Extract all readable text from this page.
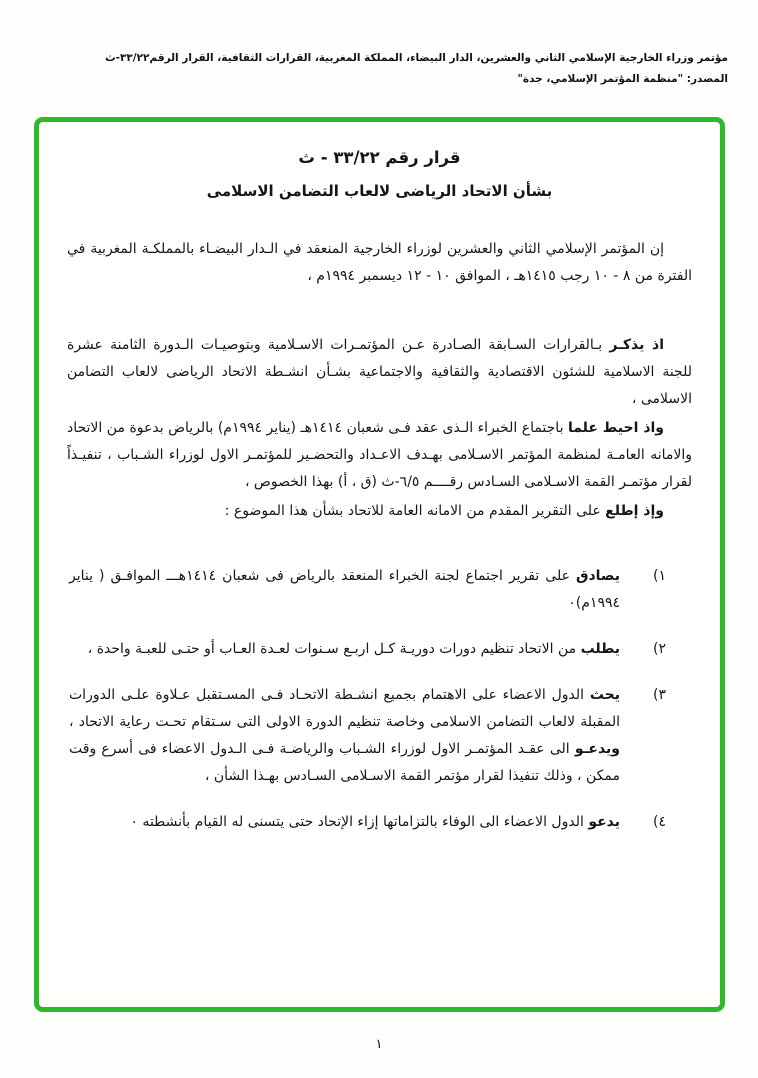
مؤتمر وزراء الخارجية الإسلامي الثاني والعشرين، الدار البيضاء، المملكة المغربية، القرارات الثقافية، القرار الرقم٣٣/٢٢-ث
المصدر: "منظمة المؤتمر الإسلامي، جدة"
قرار رقم ٣٣/٢٢ - ث
بشأن الاتحاد الرياضى لالعاب التضامن الاسلامى

إن المؤتمر الإسلامي الثاني والعشرين لوزراء الخارجية المنعقد في الـدار البيضـاء بالمملكـة المغربية في الفترة من ٨ - ١٠ رجب ١٤١٥هـ ، الموافق ١٠ - ١٢ ديسمبر ١٩٩٤م ،

اذ يذكـر بـالقرارات السـابقة الصـادرة عـن المؤتمـرات الاسـلامية وبتوصيـات الـدورة الثامنة عشرة للجنة الاسلامية للشئون الاقتصادية والثقافية والاجتماعية بشـأن انشـطة الاتحاد الرياضى لالعاب التضامن الاسلامى ،

واذ احيط علما باجتماع الخبراء الـذى عقد فـى شعبان ١٤١٤هـ (يناير ١٩٩٤م) بالرياض بدعوة من الاتحاد والامانه العامـة لمنظمة المؤتمر الاسـلامى بهـدف الاعـداد والتحضـير للمؤتمـر الاول لوزراء الشـباب ، تنفيـذاً لقرار مؤتمـر القمة الاسـلامى السـادس رقــــم ٦/٥-ث (ق ، أ) بهذا الخصوص ،

وإذ إطلع على التقرير المقدم من الامانه العامة للاتحاد بشأن هذا الموضوع :

١)

يصادق على تقرير اجتماع لجنة الخبراء المنعقد بالرياض فى شعبان ١٤١٤هـــ الموافـق ( يناير ١٩٩٤م)٠

٢)

يطلب من الاتحاد تنظيم دورات دوريـة كـل اربـع سـنوات لعـدة العـاب أو حتـى للعبـة واحدة ،

٣)

يحث الدول الاعضاء على الاهتمام بجميع انشـطة الاتحـاد فـى المسـتقبل عـلاوة علـى الدورات المقبلة لالعاب التضامن الاسلامى وخاصة تنظيم الدورة الاولى التى سـتقام تحـت رعاية الاتحاد ، ويدعـو الى عقـد المؤتمـر الاول لوزراء الشـباب والرياضـة فـى الـدول الاعضاء فى أسرع وقت ممكن ، وذلك تنفيذا لقرار مؤتمر القمة الاسـلامى السـادس بهـذا الشأن ،

٤)

يدعو الدول الاعضاء الى الوفاء بالتزاماتها إزاء الإتحاد حتى يتسنى له القيام بأنشطته ٠

١
